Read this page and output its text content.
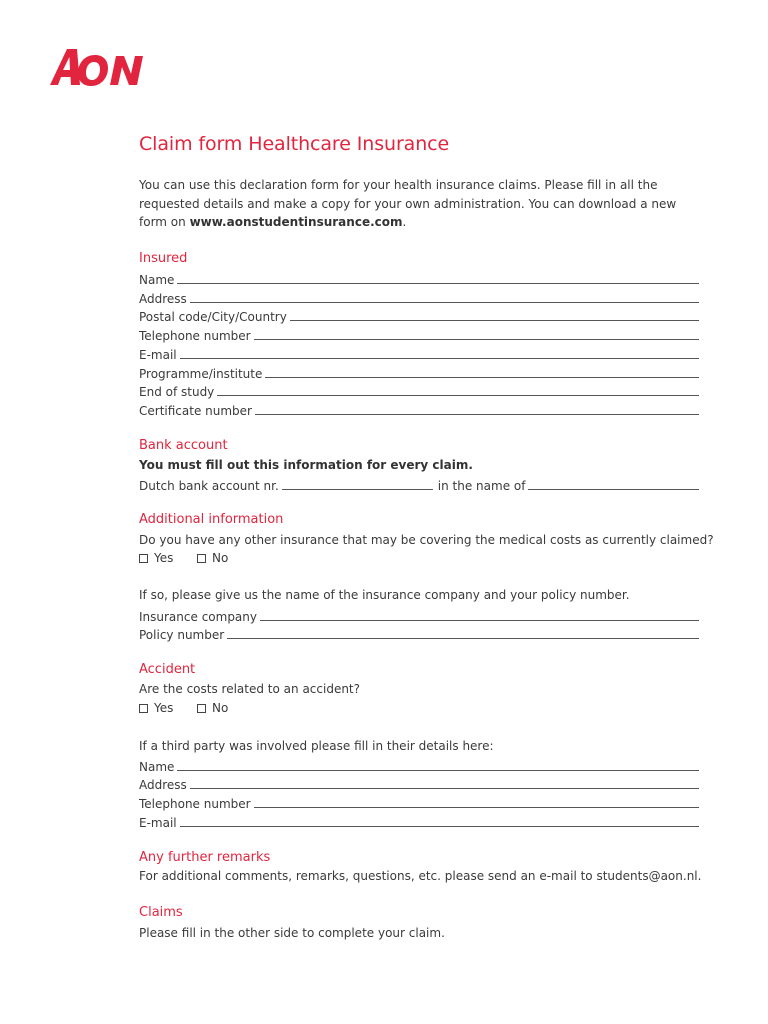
Claim form Healthcare Insurance
You can use this declaration form for your health insurance claims. Please fill in all the requested details and make a copy for your own administration. You can download a new form on www.aonstudentinsurance.com.
Insured
Name
Address
Postal code/City/Country
Telephone number
E-mail
Programme/institute
End of study
Certificate number
Bank account
You must fill out this information for every claim.
Dutch bank account nr.	in the name of
Additional information
Do you have any other insurance that may be covering the medical costs as currently claimed?
Yes	No
If so, please give us the name of the insurance company and your policy number.
Insurance company
Policy number
Accident
Are the costs related to an accident?
Yes	No
If a third party was involved please fill in their details here:
Name
Address
Telephone number
E-mail
Any further remarks
For additional comments, remarks, questions, etc. please send an e-mail to students@aon.nl.
Claims
Please fill in the other side to complete your claim.
